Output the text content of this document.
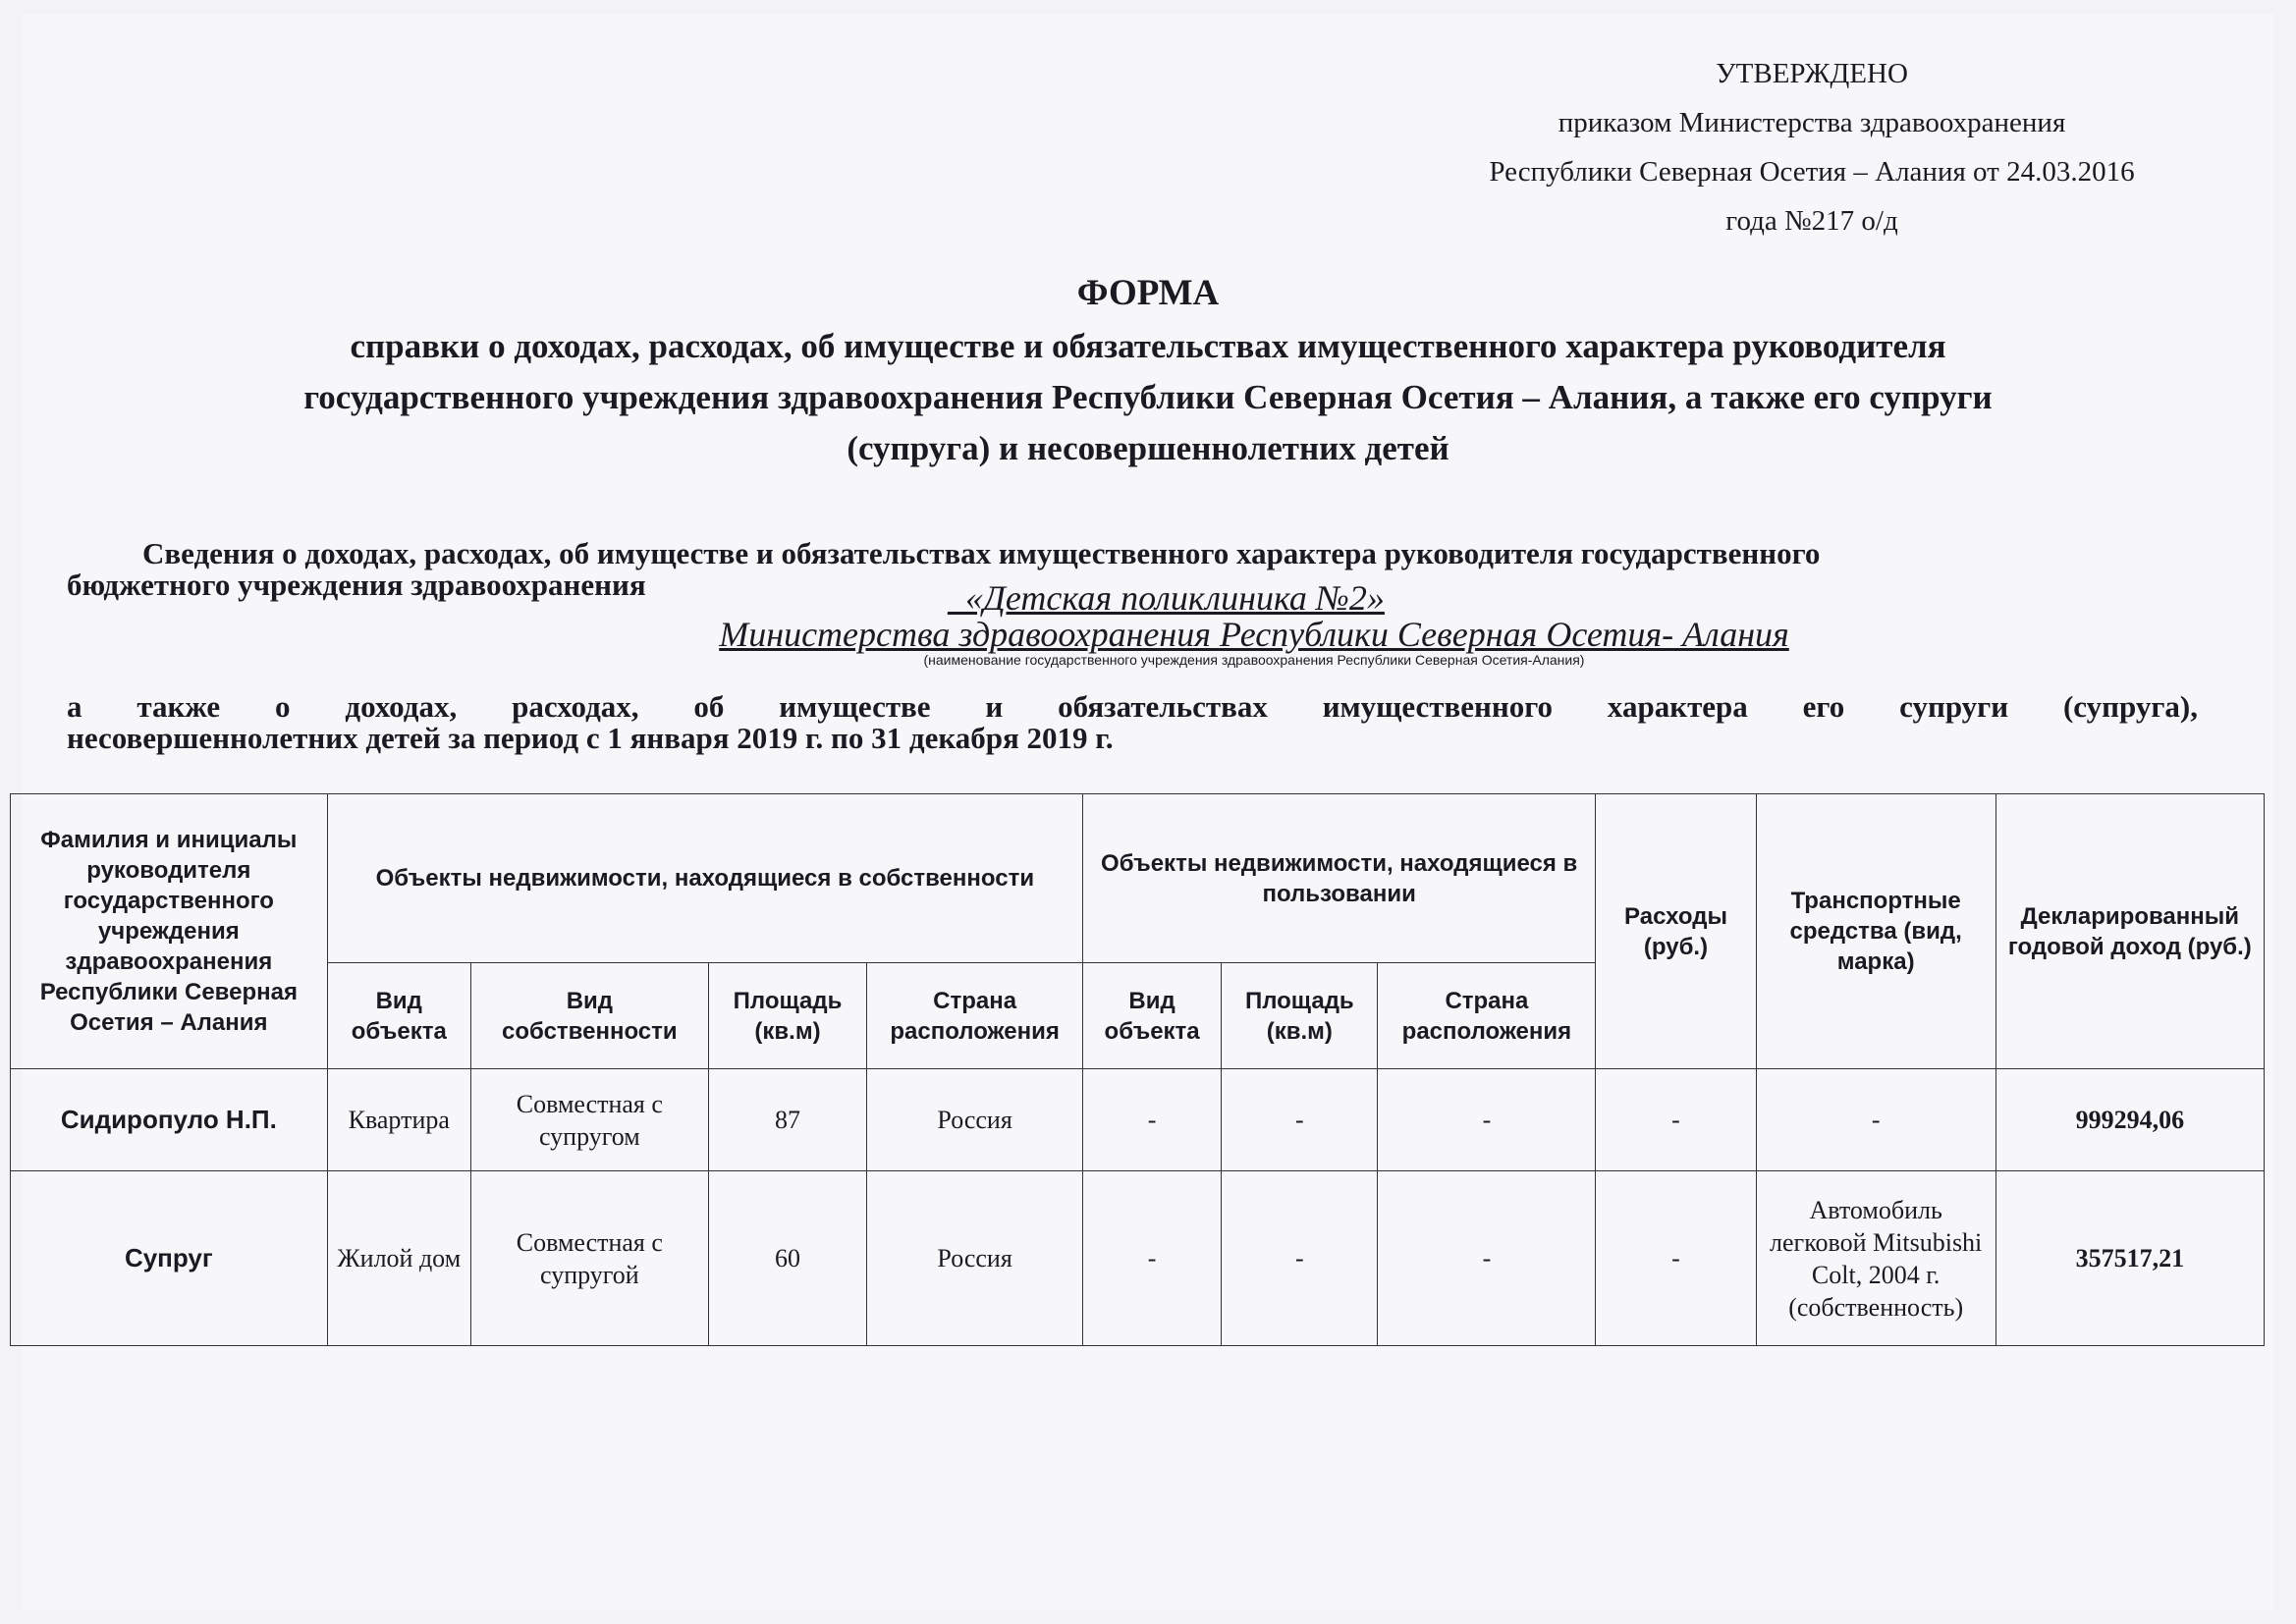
УТВЕРЖДЕНО
приказом Министерства здравоохранения
Республики Северная Осетия – Алания от 24.03.2016
года №217 о/д
ФОРМА
справки о доходах, расходах, об имуществе и обязательствах имущественного характера руководителя
государственного учреждения здравоохранения Республики Северная Осетия – Алания, а также его супруги
(супруга) и несовершеннолетних детей
Сведения о доходах, расходах, об имуществе и обязательствах имущественного характера руководителя государственного
бюджетного учреждения здравоохранения	_«Детская поликлиника №2»
Министерства здравоохранения Республики Северная Осетия- Алания
(наименование государственного учреждения здравоохранения Республики Северная Осетия-Алания)
а также о доходах, расходах, об имуществе и обязательствах имущественного характера его супруги (супруга),
несовершеннолетних детей за период с 1 января 2019 г. по 31 декабря 2019 г.
Фамилия и инициалы руководителя государственного учреждения здравоохранения Республики Северная Осетия – Алания	Объекты недвижимости, находящиеся в собственности				Объекты недвижимости, находящиеся в пользовании			Расходы (руб.)	Транспортные средства (вид, марка)	Декларированный годовой доход (руб.)
	Вид объекта	Вид собственности	Площадь (кв.м)	Страна расположения	Вид объекта	Площадь (кв.м)	Страна расположения			
Сидиропуло Н.П.	Квартира	Совместная с супругом	87	Россия	-	-	-	-	-	999294,06
Супруг	Жилой дом	Совместная с супругой	60	Россия	-	-	-	-	Автомобиль легковой Mitsubishi Colt, 2004 г. (собственность)	357517,21
